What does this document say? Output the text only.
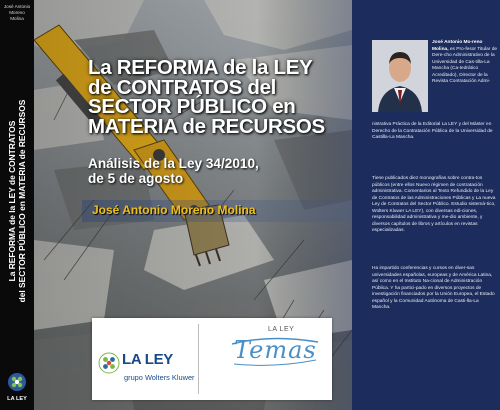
José Antonio
Moreno
Molina
La REFORMA de la LEY de CONTRATOS del SECTOR PÚBLICO en MATERIA de RECURSOS
LA LEY
La REFORMA de la LEY
de CONTRATOS del
SECTOR PÚBLICO en
MATERIA de RECURSOS
Análisis de la Ley 34/2010,
de 5 de agosto
José Antonio Moreno Molina
LA LEY
grupo Wolters Kluwer
LA LEY
Temas

José Antonio Mo-reno Molina, es Pro-fesor Titular de Dere-cho Administrativo de la Universidad de Cas-tilla-La Mancha (Ca-tedrático Acreditado), Director de la Revista Contratación Admi-

nistrativa Práctica de la Editorial La LEY y del Máster en Derecho de la Contratación Pública de la Universidad de Castilla-La Mancha.

Tiene publicados diez monografías sobre contra-tos públicos (entre ellos Nuevo régimen de contratación administrativa. Comentarios al Texto Refundido de la Ley de Contratos de las Administraciones Públicas y La nueva Ley de Contratos del Sector Público. Estudio sistemá-tico, Wolters Kluwer LA LEY), con diversas edi-ciones, responsabilidad administrativa y me-dio ambiente, y diversos capítulos de libros y artículos en revistas especializadas.

Ha impartido conferencias y cursos en diver-sas universidades españolas, europeas y de América Latina, así como en el Instituto Na-cional de Administración Pública. Y ha partici-pado en diversos proyectos de investigación financiados por la Unión Europea, el Estado español y la Comunidad Autónoma de Casti-lla-La Mancha.
